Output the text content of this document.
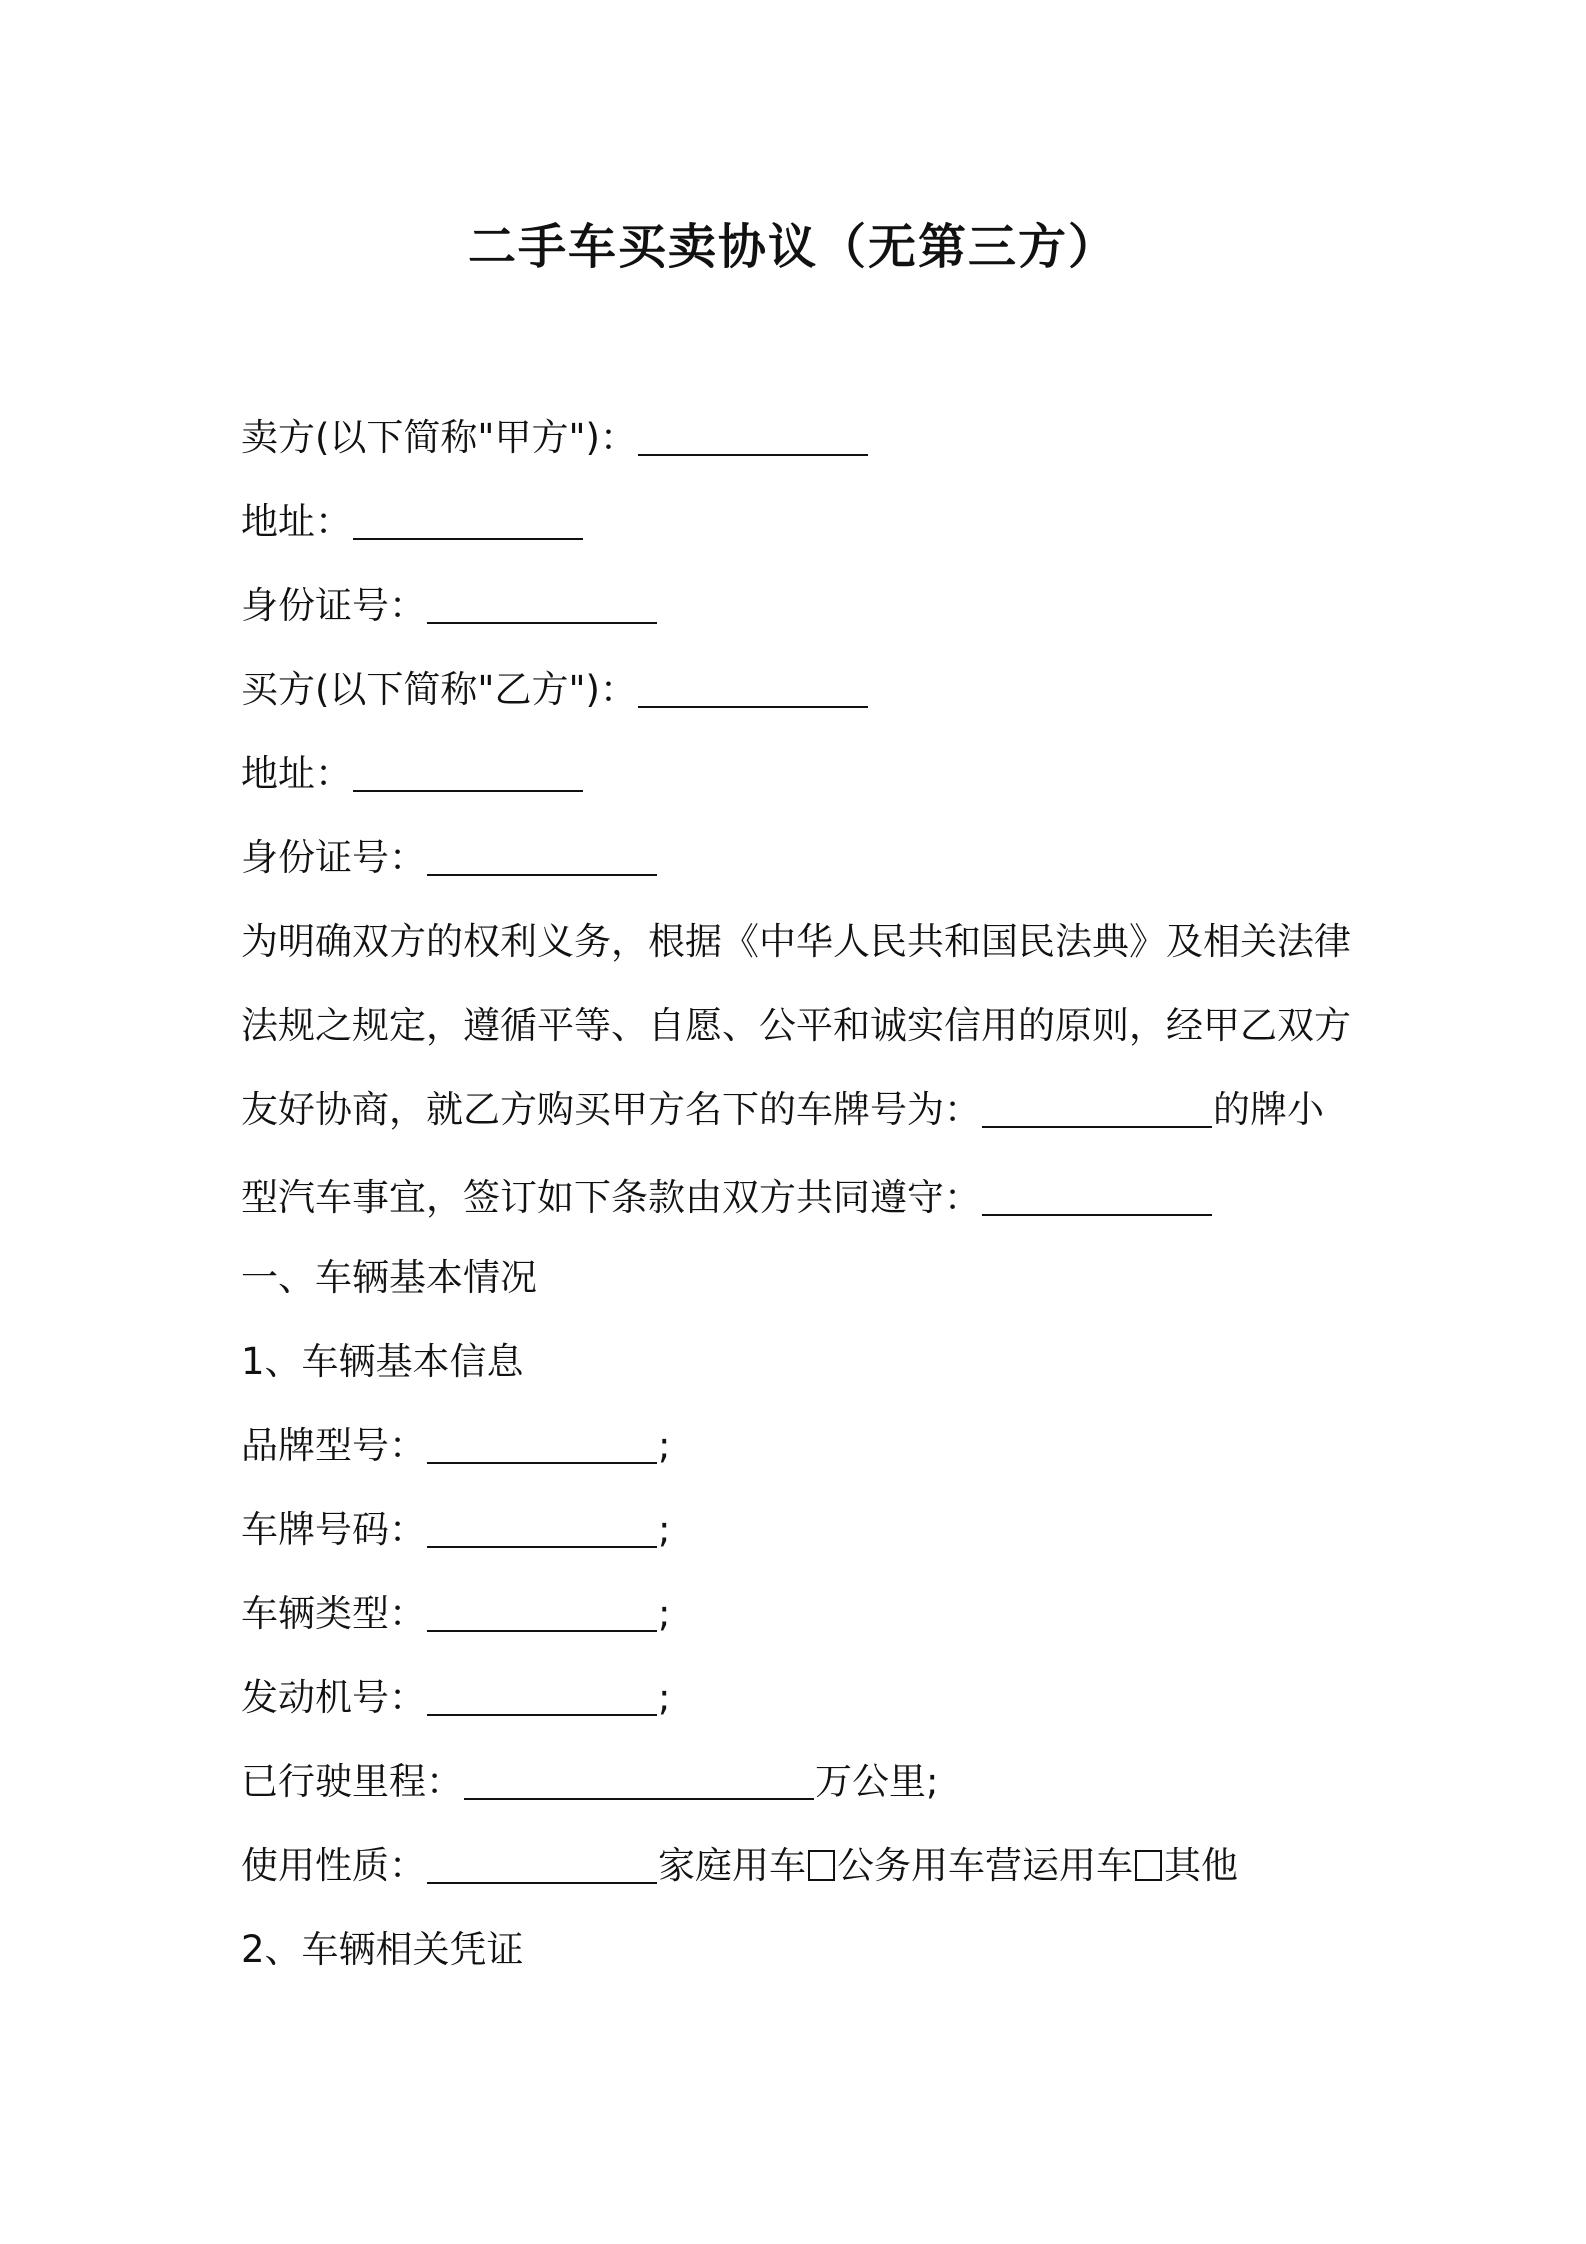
二手车买卖协议（无第三方）
卖方(以下简称"甲方")：
地址：
身份证号：
买方(以下简称"乙方")：
地址：
身份证号：
为明确双方的权利义务，根据《中华人民共和国民法典》及相关法律
法规之规定，遵循平等、自愿、公平和诚实信用的原则，经甲乙双方
友好协商，就乙方购买甲方名下的车牌号为：	的牌小
型汽车事宜，签订如下条款由双方共同遵守：
一、车辆基本情况
1、车辆基本信息
品牌型号：	;
车牌号码：	;
车辆类型：	;
发动机号：	;
已行驶里程：	万公里;
使用性质：	家庭用车 公务用车营运用车 其他
2、车辆相关凭证
